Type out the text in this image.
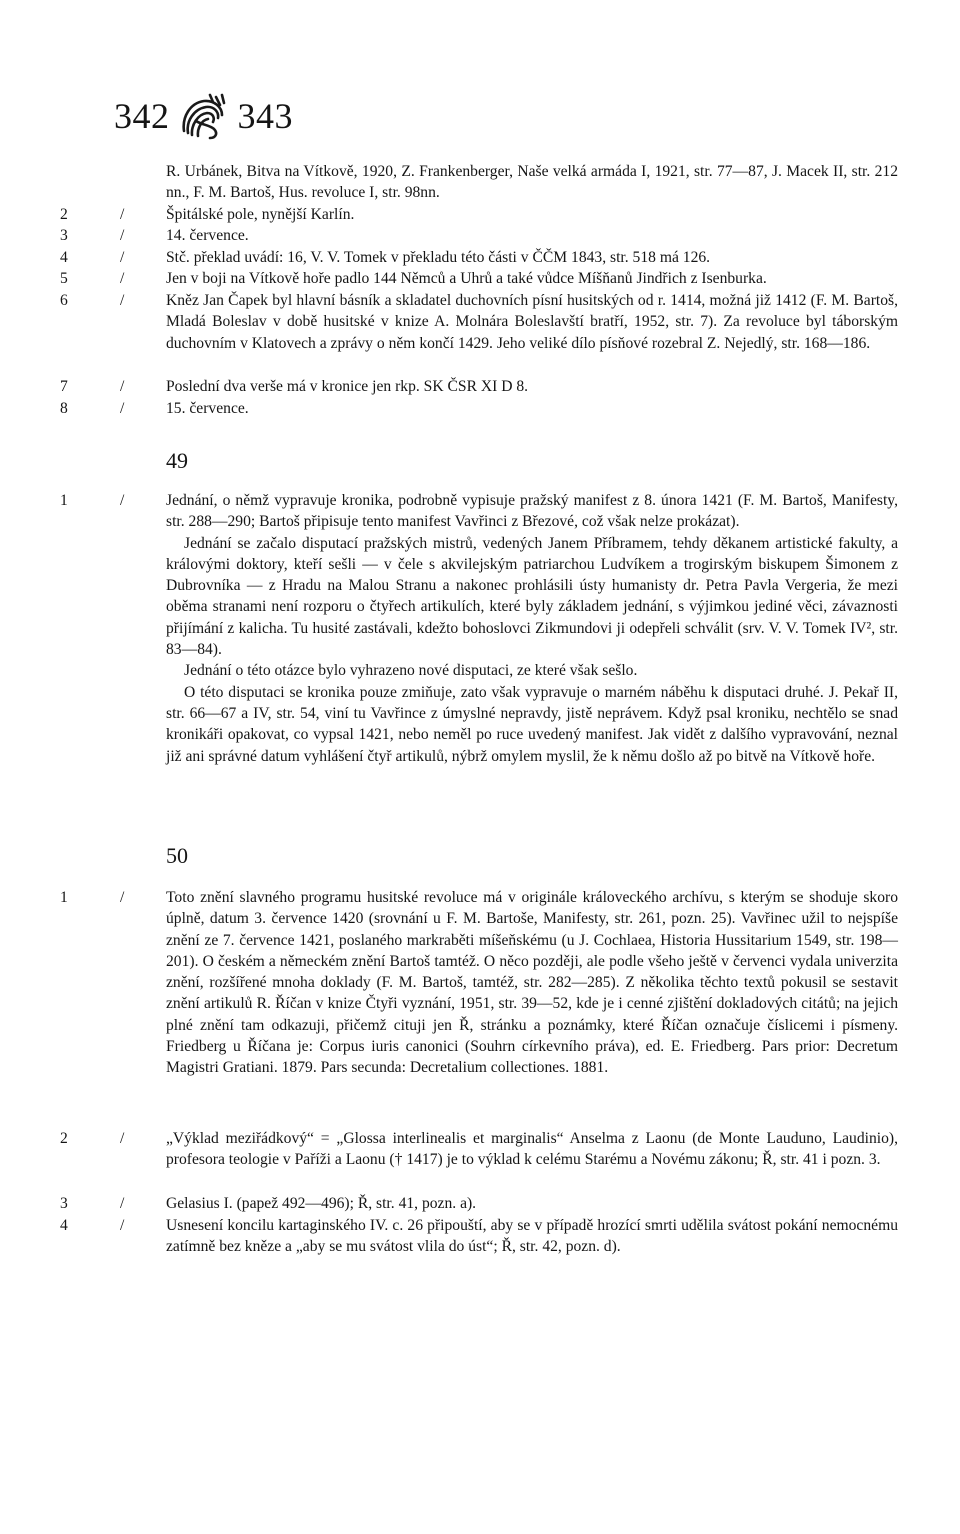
342 343
R. Urbánek, Bitva na Vítkově, 1920, Z. Frankenberger, Naše velká armáda I, 1921, str. 77—87, J. Macek II, str. 212 nn., F. M. Bartoš, Hus. revoluce I, str. 98nn.
2	/	Špitálské pole, nynější Karlín.
3	/	14. července.
4	/	Stč. překlad uvádí: 16, V. V. Tomek v překladu této části v ČČM 1843, str. 518 má 126.
5	/	Jen v boji na Vítkově hoře padlo 144 Němců a Uhrů a také vůdce Míšňanů Jindřich z Isenburka.
6	/	Kněz Jan Čapek byl hlavní básník a skladatel duchovních písní husitských od r. 1414, možná již 1412 (F. M. Bartoš, Mladá Boleslav v době husitské v knize A. Molnára Boleslavští bratří, 1952, str. 7). Za revoluce byl táborským duchovním v Klatovech a zprávy o něm končí 1429. Jeho veliké dílo písňové rozebral Z. Nejedlý, str. 168—186.
7	/	Poslední dva verše má v kronice jen rkp. SK ČSR XI D 8.
8	/	15. července.
49
1	/	Jednání, o němž vypravuje kronika, podrobně vypisuje pražský manifest z 8. února 1421 (F. M. Bartoš, Manifesty, str. 288—290; Bartoš připisuje tento manifest Vavřinci z Březové, což však nelze prokázat).

Jednání se začalo disputací pražských mistrů, vedených Janem Příbramem, tehdy děkanem artistické fakulty, a královými doktory, kteří sešli — v čele s akvilejským patriarchou Ludvíkem a trogirským biskupem Šimonem z Dubrovníka — z Hradu na Malou Stranu a nakonec prohlásili ústy humanisty dr. Petra Pavla Vergeria, že mezi oběma stranami není rozporu o čtyřech artikulích, které byly základem jednání, s výjimkou jediné věci, závaznosti přijímání z kalicha. Tu husité zastávali, kdežto bohoslovci Zikmundovi ji odepřeli schválit (srv. V. V. Tomek IV², str. 83—84).

Jednání o této otázce bylo vyhrazeno nové disputaci, ze které však sešlo.

O této disputaci se kronika pouze zmiňuje, zato však vypravuje o marném náběhu k disputaci druhé. J. Pekař II, str. 66—67 a IV, str. 54, viní tu Vavřince z úmyslné nepravdy, jistě neprávem. Když psal kroniku, nechtělo se snad kronikáři opakovat, co vypsal 1421, nebo neměl po ruce uvedený manifest. Jak vidět z dalšího vypravování, neznal již ani správné datum vyhlášení čtyř artikulů, nýbrž omylem myslil, že k němu došlo až po bitvě na Vítkově hoře.

50
1	/	Toto znění slavného programu husitské revoluce má v originále královeckého archívu, s kterým se shoduje skoro úplně, datum 3. července 1420 (srovnání u F. M. Bartoše, Manifesty, str. 261, pozn. 25). Vavřinec užil to nejspíše znění ze 7. července 1421, poslaného markraběti míšeňskému (u J. Cochlaea, Historia Hussitarium 1549, str. 198—201). O českém a německém znění Bartoš tamtéž. O něco později, ale podle všeho ještě v červenci vydala univerzita znění, rozšířené mnoha doklady (F. M. Bartoš, tamtéž, str. 282—285). Z několika těchto textů pokusil se sestavit znění artikulů R. Říčan v knize Čtyři vyznání, 1951, str. 39—52, kde je i cenné zjištění dokladových citátů; na jejich plné znění tam odkazuji, přičemž cituji jen Ř, stránku a poznámky, které Říčan označuje číslicemi i písmeny. Friedberg u Říčana je: Corpus iuris canonici (Souhrn církevního práva), ed. E. Friedberg. Pars prior: Decretum Magistri Gratiani. 1879. Pars secunda: Decretalium collectiones. 1881.
2	/	„Výklad meziřádkový“ = „Glossa interlinealis et marginalis“ Anselma z Laonu (de Monte Laudunо, Laudinio), profesora teologie v Paříži a Laonu († 1417) je to výklad k celému Starému a Novému zákonu; Ř, str. 41 i pozn. 3.
3	/	Gelasius I. (papež 492—496); Ř, str. 41, pozn. a).
4	/	Usnesení koncilu kartaginského IV. c. 26 připouští, aby se v případě hrozící smrti udělila svátost pokání nemocnému zatímně bez kněze a „aby se mu svátost vlila do úst“; Ř, str. 42, pozn. d).
